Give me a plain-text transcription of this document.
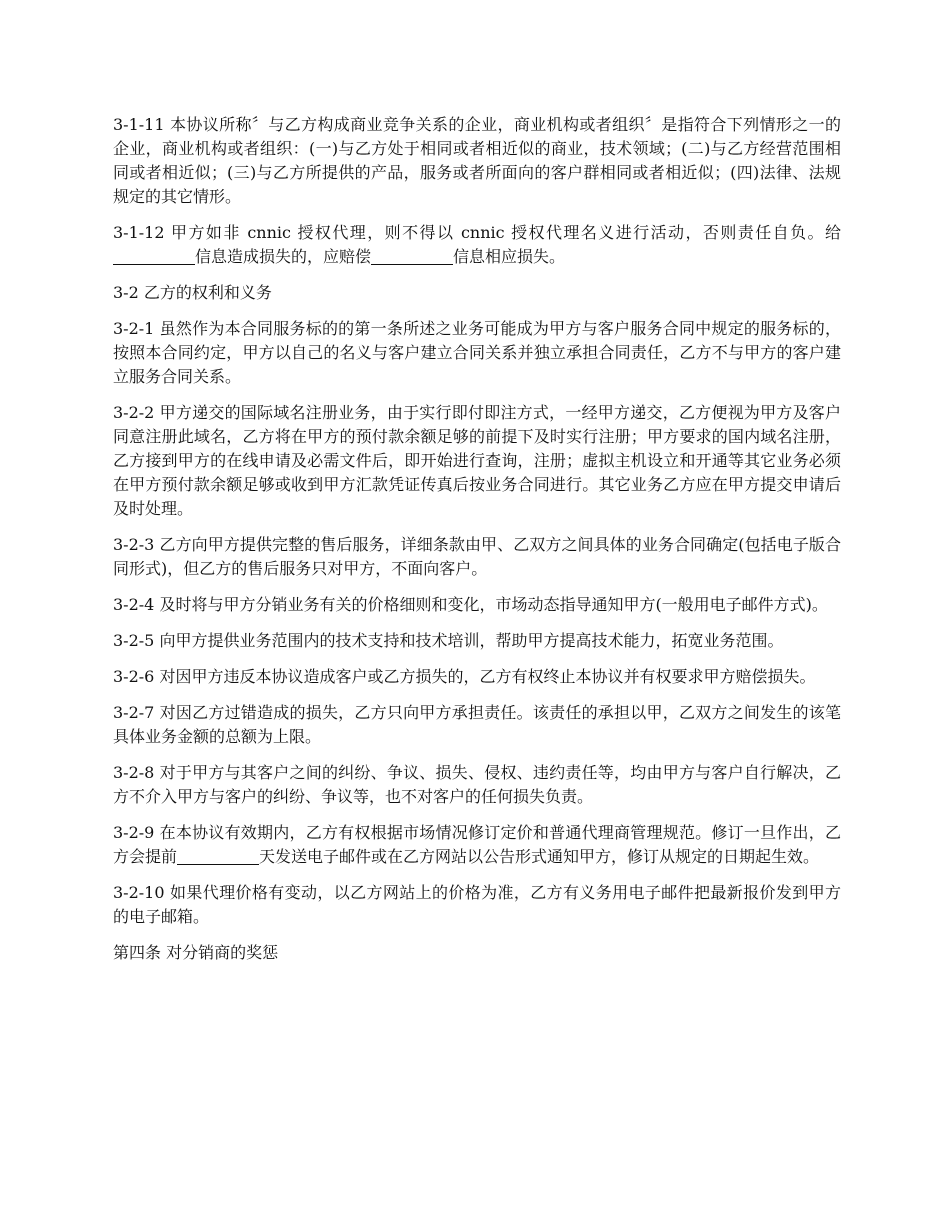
3-1-11 本协议所称〞与乙方构成商业竞争关系的企业，商业机构或者组织〞是指符合下列情形之一的企业，商业机构或者组织：(一)与乙方处于相同或者相近似的商业，技术领域；(二)与乙方经营范围相同或者相近似；(三)与乙方所提供的产品，服务或者所面向的客户群相同或者相近似；(四)法律、法规规定的其它情形。

3-1-12 甲方如非 cnnic 授权代理，则不得以 cnnic 授权代理名义进行活动，否则责任自负。给信息造成损失的，应赔偿	信息相应损失。

3-2 乙方的权利和义务

3-2-1 虽然作为本合同服务标的的第一条所述之业务可能成为甲方与客户服务合同中规定的服务标的，按照本合同约定，甲方以自己的名义与客户建立合同关系并独立承担合同责任，乙方不与甲方的客户建立服务合同关系。

3-2-2 甲方递交的国际域名注册业务，由于实行即付即注方式，一经甲方递交，乙方便视为甲方及客户同意注册此域名，乙方将在甲方的预付款余额足够的前提下及时实行注册；甲方要求的国内域名注册，乙方接到甲方的在线申请及必需文件后，即开始进行查询，注册；虚拟主机设立和开通等其它业务必须在甲方预付款余额足够或收到甲方汇款凭证传真后按业务合同进行。其它业务乙方应在甲方提交申请后及时处理。

3-2-3 乙方向甲方提供完整的售后服务，详细条款由甲、乙双方之间具体的业务合同确定(包括电子版合同形式)，但乙方的售后服务只对甲方，不面向客户。

3-2-4 及时将与甲方分销业务有关的价格细则和变化，市场动态指导通知甲方(一般用电子邮件方式)。

3-2-5 向甲方提供业务范围内的技术支持和技术培训，帮助甲方提高技术能力，拓宽业务范围。

3-2-6 对因甲方违反本协议造成客户或乙方损失的，乙方有权终止本协议并有权要求甲方赔偿损失。

3-2-7 对因乙方过错造成的损失，乙方只向甲方承担责任。该责任的承担以甲，乙双方之间发生的该笔具体业务金额的总额为上限。

3-2-8 对于甲方与其客户之间的纠纷、争议、损失、侵权、违约责任等，均由甲方与客户自行解决，乙方不介入甲方与客户的纠纷、争议等，也不对客户的任何损失负责。

3-2-9 在本协议有效期内，乙方有权根据市场情况修订定价和普通代理商管理规范。修订一旦作出，乙方会提前	天发送电子邮件或在乙方网站以公告形式通知甲方，修订从规定的日期起生效。

3-2-10 如果代理价格有变动，以乙方网站上的价格为准，乙方有义务用电子邮件把最新报价发到甲方的电子邮箱。

第四条 对分销商的奖惩
